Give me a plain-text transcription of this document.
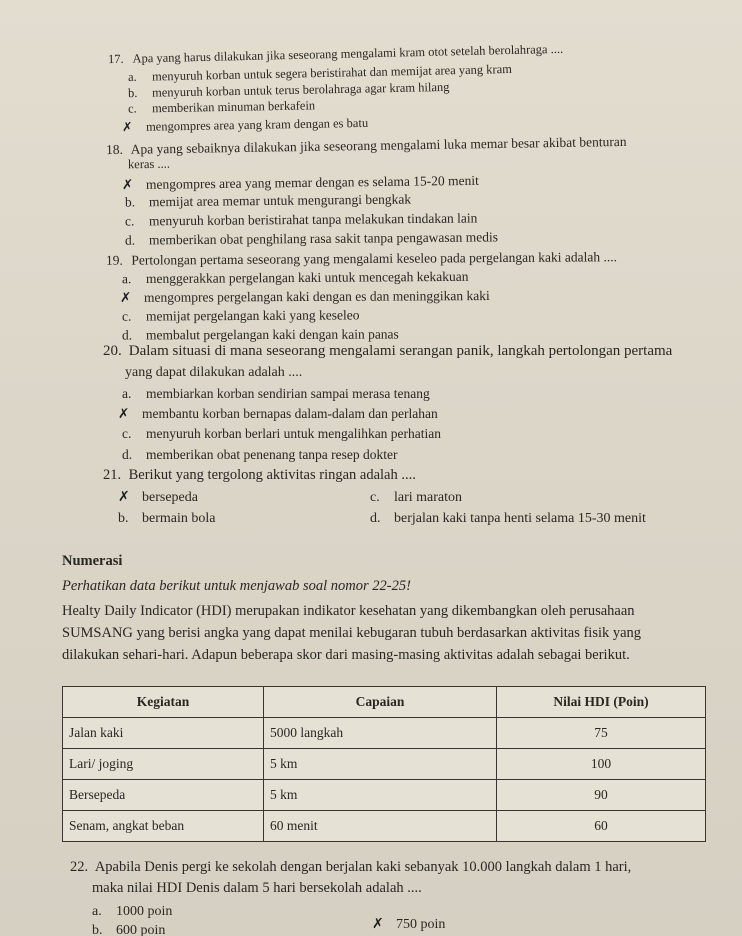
17. Apa yang harus dilakukan jika seseorang mengalami kram otot setelah berolahraga ....
a. menyuruh korban untuk segera beristirahat dan memijat area yang kram
b. menyuruh korban untuk terus berolahraga agar kram hilang
c. memberikan minuman berkafein
✗ mengompres area yang kram dengan es batu
18. Apa yang sebaiknya dilakukan jika seseorang mengalami luka memar besar akibat benturan
keras ....
✗ mengompres area yang memar dengan es selama 15-20 menit
b. memijat area memar untuk mengurangi bengkak
c. menyuruh korban beristirahat tanpa melakukan tindakan lain
d. memberikan obat penghilang rasa sakit tanpa pengawasan medis
19. Pertolongan pertama seseorang yang mengalami keseleo pada pergelangan kaki adalah ....
a. menggerakkan pergelangan kaki untuk mencegah kekakuan
✗ mengompres pergelangan kaki dengan es dan meninggikan kaki
c. memijat pergelangan kaki yang keseleo
d. membalut pergelangan kaki dengan kain panas
20. Dalam situasi di mana seseorang mengalami serangan panik, langkah pertolongan pertama
yang dapat dilakukan adalah ....
a. membiarkan korban sendirian sampai merasa tenang
✗ membantu korban bernapas dalam-dalam dan perlahan
c. menyuruh korban berlari untuk mengalihkan perhatian
d. memberikan obat penenang tanpa resep dokter
21. Berikut yang tergolong aktivitas ringan adalah ....
✗ bersepeda
b. bermain bola
c. lari maraton
d. berjalan kaki tanpa henti selama 15-30 menit
Numerasi
Perhatikan data berikut untuk menjawab soal nomor 22-25!
Healty Daily Indicator (HDI) merupakan indikator kesehatan yang dikembangkan oleh perusahaan
SUMSANG yang berisi angka yang dapat menilai kebugaran tubuh berdasarkan aktivitas fisik yang
dilakukan sehari-hari. Adapun beberapa skor dari masing-masing aktivitas adalah sebagai berikut.
Kegiatan	Capaian	Nilai HDI (Poin)
Jalan kaki	5000 langkah	75
Lari/ joging	5 km	100
Bersepeda	5 km	90
Senam, angkat beban	60 menit	60
22. Apabila Denis pergi ke sekolah dengan berjalan kaki sebanyak 10.000 langkah dalam 1 hari,
maka nilai HDI Denis dalam 5 hari bersekolah adalah ....
a. 1000 poin
b. 600 poin	✗ 750 poin
